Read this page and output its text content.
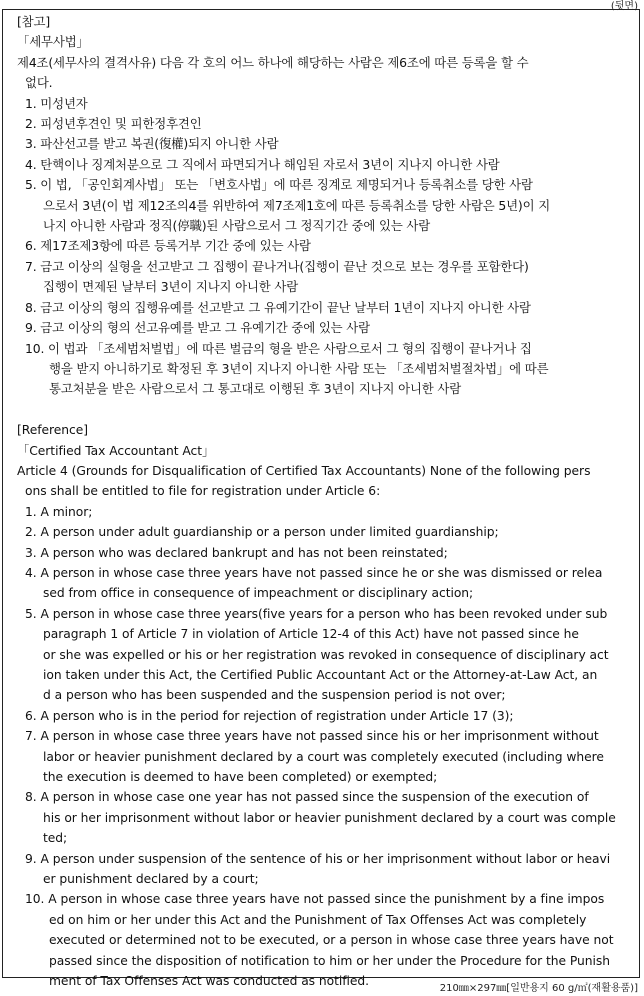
(뒷면)
[참고]
「세무사법」
제4조(세무사의 결격사유) 다음 각 호의 어느 하나에 해당하는 사람은 제6조에 따른 등록을 할 수
없다.
1. 미성년자
2. 피성년후견인 및 피한정후견인
3. 파산선고를 받고 복권(復權)되지 아니한 사람
4. 탄핵이나 징계처분으로 그 직에서 파면되거나 해임된 자로서 3년이 지나지 아니한 사람
5. 이 법, 「공인회계사법」 또는 「변호사법」에 따른 징계로 제명되거나 등록취소를 당한 사람
으로서 3년(이 법 제12조의4를 위반하여 제7조제1호에 따른 등록취소를 당한 사람은 5년)이 지
나지 아니한 사람과 정직(停職)된 사람으로서 그 정직기간 중에 있는 사람
6. 제17조제3항에 따른 등록거부 기간 중에 있는 사람
7. 금고 이상의 실형을 선고받고 그 집행이 끝나거나(집행이 끝난 것으로 보는 경우를 포함한다)
집행이 면제된 날부터 3년이 지나지 아니한 사람
8. 금고 이상의 형의 집행유예를 선고받고 그 유예기간이 끝난 날부터 1년이 지나지 아니한 사람
9. 금고 이상의 형의 선고유예를 받고 그 유예기간 중에 있는 사람
10. 이 법과 「조세범처벌법」에 따른 벌금의 형을 받은 사람으로서 그 형의 집행이 끝나거나 집
행을 받지 아니하기로 확정된 후 3년이 지나지 아니한 사람 또는 「조세범처벌절차법」에 따른
통고처분을 받은 사람으로서 그 통고대로 이행된 후 3년이 지나지 아니한 사람
[Reference]
「Certified Tax Accountant Act」
Article 4 (Grounds for Disqualification of Certified Tax Accountants) None of the following pers
ons shall be entitled to file for registration under Article 6:
1. A minor;
2. A person under adult guardianship or a person under limited guardianship;
3. A person who was declared bankrupt and has not been reinstated;
4. A person in whose case three years have not passed since he or she was dismissed or relea
sed from office in consequence of impeachment or disciplinary action;
5. A person in whose case three years(five years for a person who has been revoked under sub
paragraph 1 of Article 7 in violation of Article 12-4 of this Act) have not passed since he
or she was expelled or his or her registration was revoked in consequence of disciplinary act
ion taken under this Act, the Certified Public Accountant Act or the Attorney-at-Law Act, an
d a person who has been suspended and the suspension period is not over;
6. A person who is in the period for rejection of registration under Article 17 (3);
7. A person in whose case three years have not passed since his or her imprisonment without
labor or heavier punishment declared by a court was completely executed (including where
the execution is deemed to have been completed) or exempted;
8. A person in whose case one year has not passed since the suspension of the execution of
his or her imprisonment without labor or heavier punishment declared by a court was comple
ted;
9. A person under suspension of the sentence of his or her imprisonment without labor or heavi
er punishment declared by a court;
10. A person in whose case three years have not passed since the punishment by a fine impos
ed on him or her under this Act and the Punishment of Tax Offenses Act was completely
executed or determined not to be executed, or a person in whose case three years have not
passed since the disposition of notification to him or her under the Procedure for the Punish
ment of Tax Offenses Act was conducted as notified.
210㎜×297㎜[일반용지 60 g/㎡(재활용품)]
